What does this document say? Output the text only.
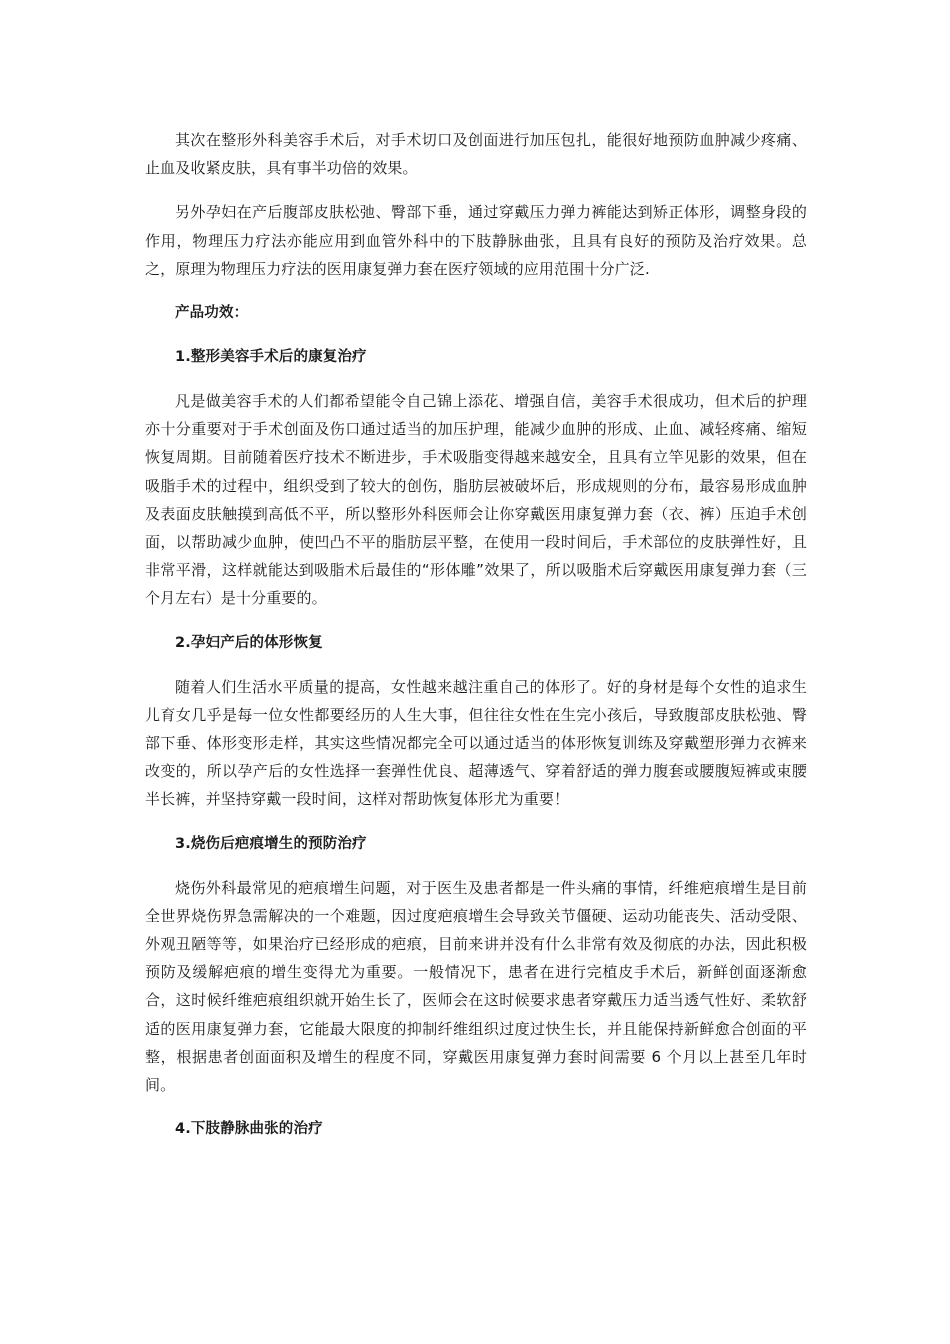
其次在整形外科美容手术后，对手术切口及创面进行加压包扎，能很好地预防血肿减少疼痛、止血及收紧皮肤，具有事半功倍的效果。

另外孕妇在产后腹部皮肤松弛、臀部下垂，通过穿戴压力弹力裤能达到矫正体形，调整身段的作用，物理压力疗法亦能应用到血管外科中的下肢静脉曲张，且具有良好的预防及治疗效果。总之，原理为物理压力疗法的医用康复弹力套在医疗领域的应用范围十分广泛.

产品功效：

1.整形美容手术后的康复治疗

凡是做美容手术的人们都希望能令自己锦上添花、增强自信，美容手术很成功，但术后的护理亦十分重要对于手术创面及伤口通过适当的加压护理，能减少血肿的形成、止血、减轻疼痛、缩短恢复周期。目前随着医疗技术不断进步，手术吸脂变得越来越安全，且具有立竿见影的效果，但在吸脂手术的过程中，组织受到了较大的创伤，脂肪层被破坏后，形成规则的分布，最容易形成血肿及表面皮肤触摸到高低不平，所以整形外科医师会让你穿戴医用康复弹力套（衣、裤）压迫手术创面，以帮助减少血肿，使凹凸不平的脂肪层平整，在使用一段时间后，手术部位的皮肤弹性好，且非常平滑，这样就能达到吸脂术后最佳的“形体雕”效果了，所以吸脂术后穿戴医用康复弹力套（三个月左右）是十分重要的。

2.孕妇产后的体形恢复

随着人们生活水平质量的提高，女性越来越注重自己的体形了。好的身材是每个女性的追求生儿育女几乎是每一位女性都要经历的人生大事，但往往女性在生完小孩后，导致腹部皮肤松弛、臀部下垂、体形变形走样，其实这些情况都完全可以通过适当的体形恢复训练及穿戴塑形弹力衣裤来改变的，所以孕产后的女性选择一套弹性优良、超薄透气、穿着舒适的弹力腹套或腰腹短裤或束腰半长裤，并坚持穿戴一段时间，这样对帮助恢复体形尤为重要！

3.烧伤后疤痕增生的预防治疗

烧伤外科最常见的疤痕增生问题，对于医生及患者都是一件头痛的事情，纤维疤痕增生是目前全世界烧伤界急需解决的一个难题，因过度疤痕增生会导致关节僵硬、运动功能丧失、活动受限、外观丑陋等等，如果治疗已经形成的疤痕，目前来讲并没有什么非常有效及彻底的办法，因此积极预防及缓解疤痕的增生变得尤为重要。一般情况下，患者在进行完植皮手术后，新鲜创面逐渐愈合，这时候纤维疤痕组织就开始生长了，医师会在这时候要求患者穿戴压力适当透气性好、柔软舒适的医用康复弹力套，它能最大限度的抑制纤维组织过度过快生长，并且能保持新鲜愈合创面的平整，根据患者创面面积及增生的程度不同，穿戴医用康复弹力套时间需要 6 个月以上甚至几年时间。

4.下肢静脉曲张的治疗
